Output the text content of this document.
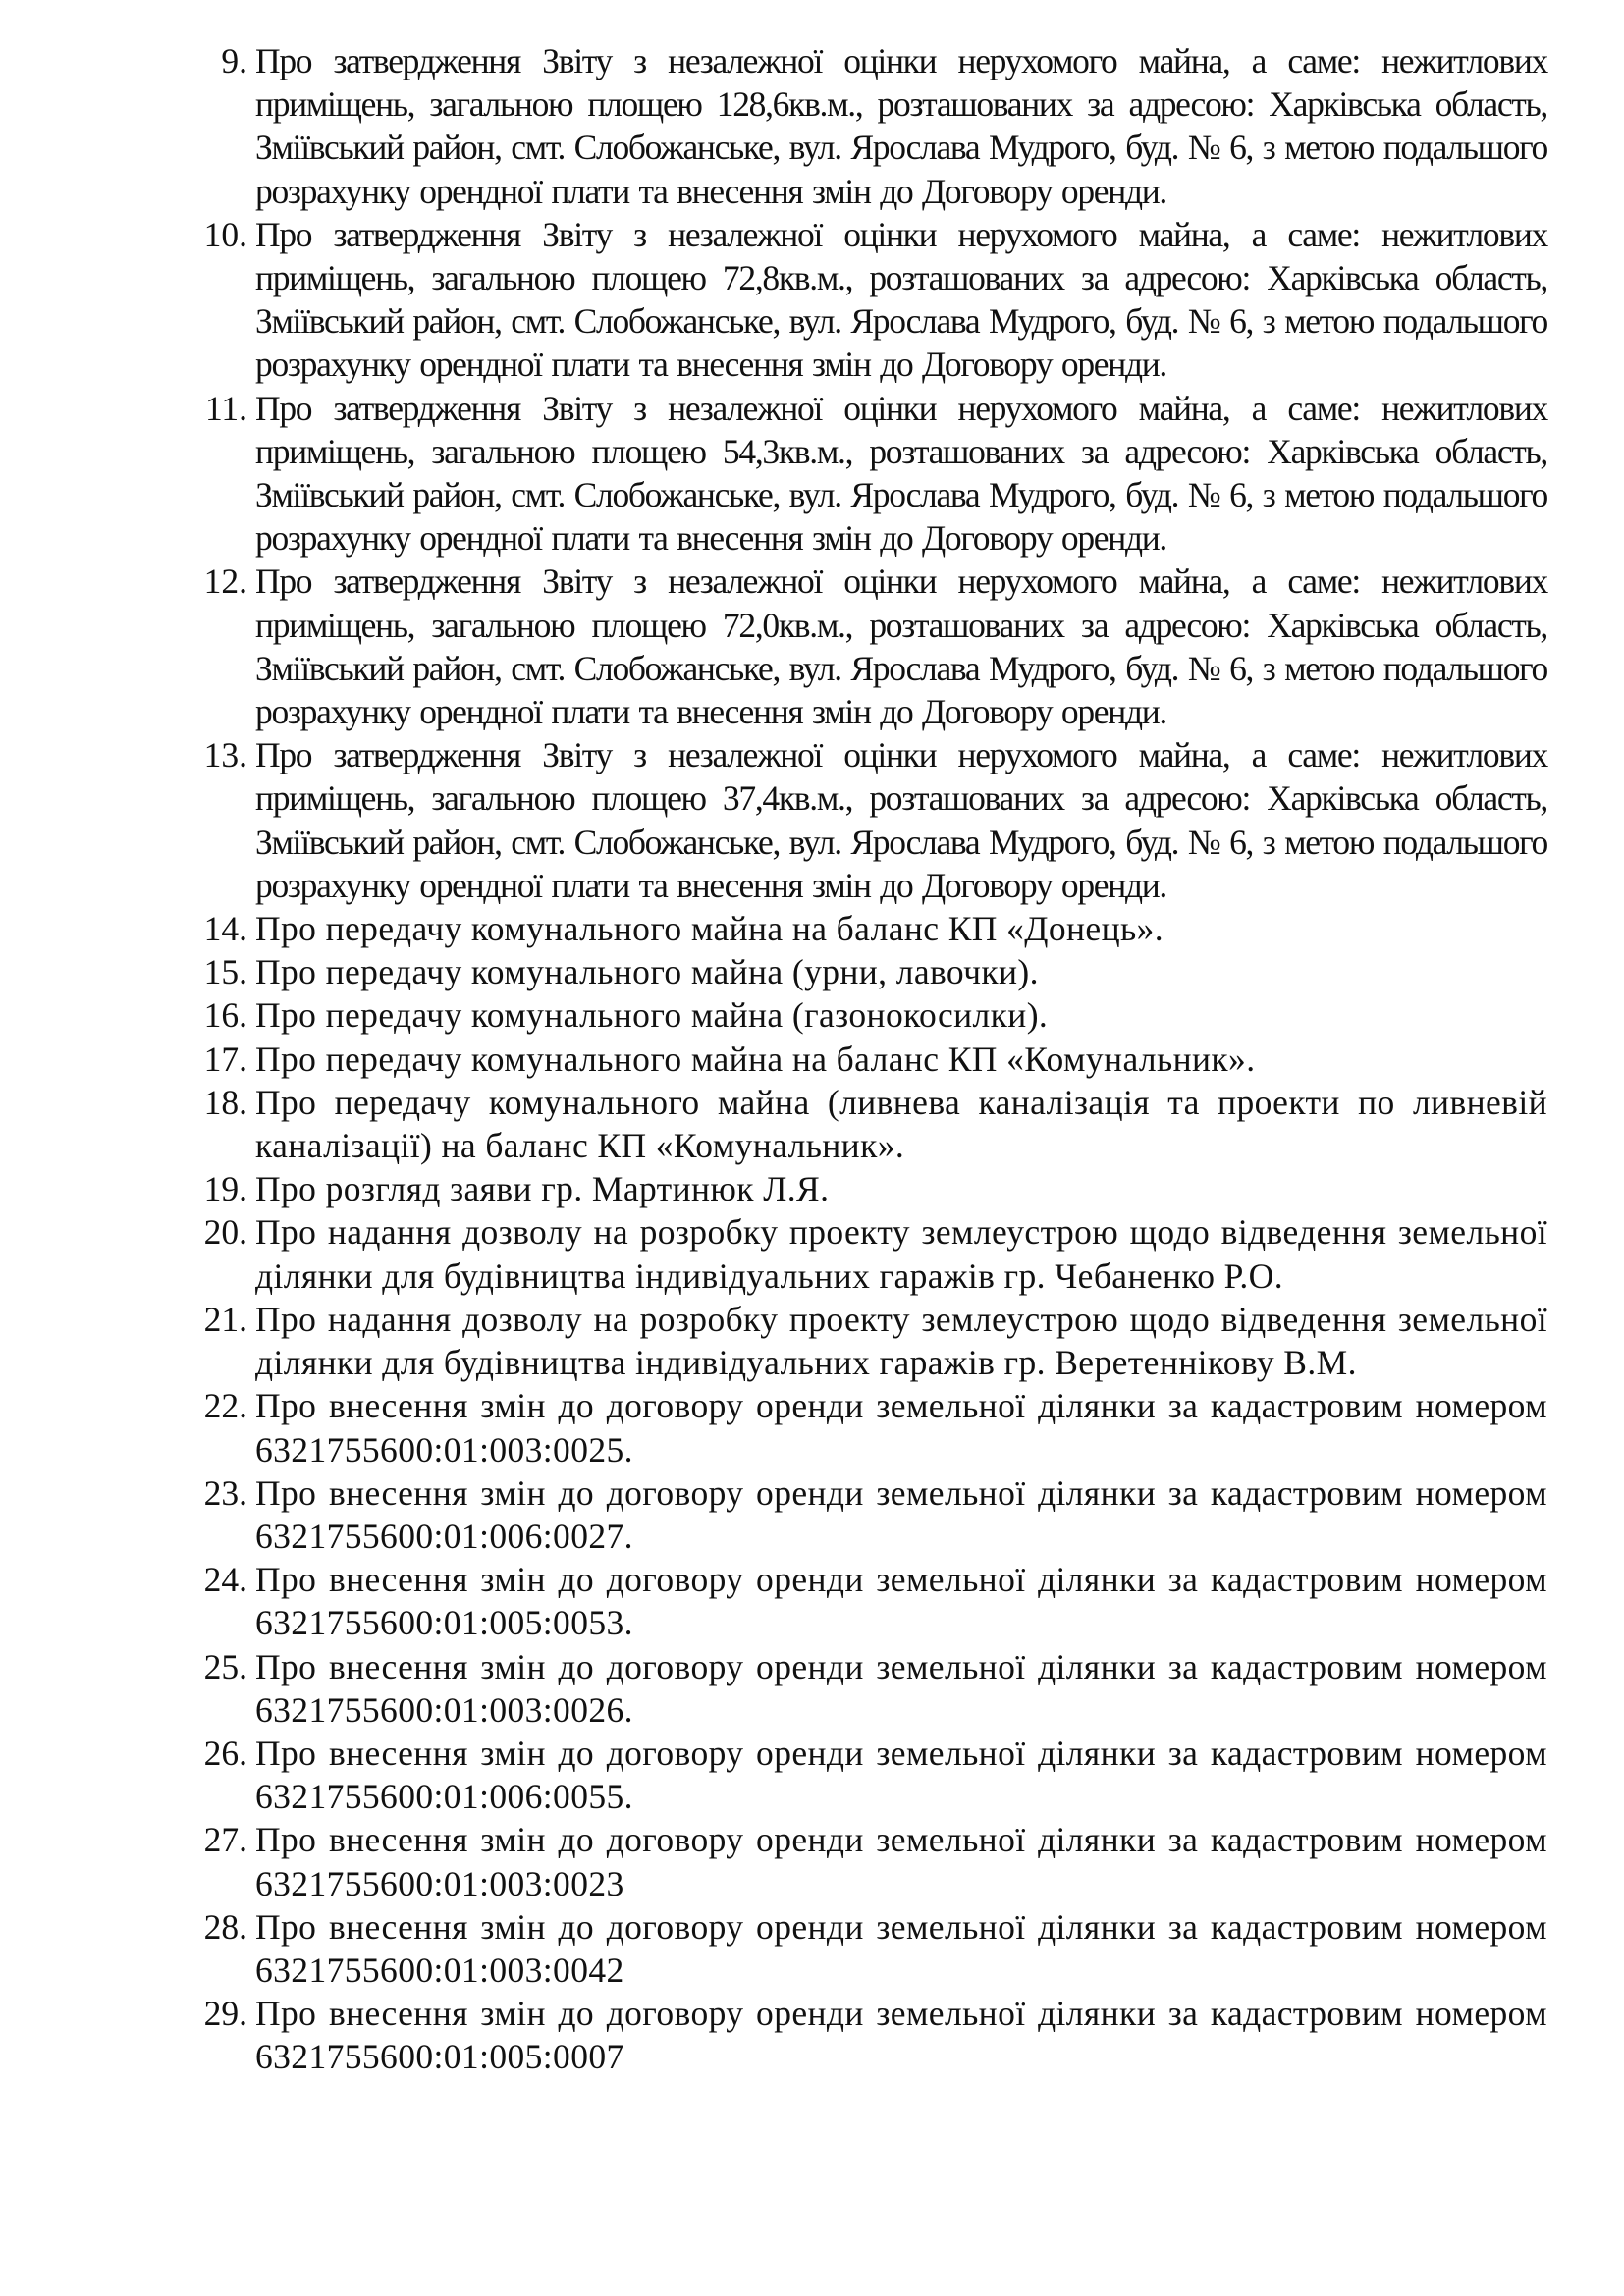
9. Про затвердження Звіту з незалежної оцінки нерухомого майна, а саме: нежитлових приміщень, загальною площею 128,6кв.м., розташованих за адресою: Харківська область, Зміївський район, смт. Слобожанське, вул. Ярослава Мудрого, буд. № 6, з метою подальшого розрахунку орендної плати та внесення змін до Договору оренди.
10. Про затвердження Звіту з незалежної оцінки нерухомого майна, а саме: нежитлових приміщень, загальною площею 72,8кв.м., розташованих за адресою: Харківська область, Зміївський район, смт. Слобожанське, вул. Ярослава Мудрого, буд. № 6, з метою подальшого розрахунку орендної плати та внесення змін до Договору оренди.
11. Про затвердження Звіту з незалежної оцінки нерухомого майна, а саме: нежитлових приміщень, загальною площею 54,3кв.м., розташованих за адресою: Харківська область, Зміївський район, смт. Слобожанське, вул. Ярослава Мудрого, буд. № 6, з метою подальшого розрахунку орендної плати та внесення змін до Договору оренди.
12. Про затвердження Звіту з незалежної оцінки нерухомого майна, а саме: нежитлових приміщень, загальною площею 72,0кв.м., розташованих за адресою: Харківська область, Зміївський район, смт. Слобожанське, вул. Ярослава Мудрого, буд. № 6, з метою подальшого розрахунку орендної плати та внесення змін до Договору оренди.
13. Про затвердження Звіту з незалежної оцінки нерухомого майна, а саме: нежитлових приміщень, загальною площею 37,4кв.м., розташованих за адресою: Харківська область, Зміївський район, смт. Слобожанське, вул. Ярослава Мудрого, буд. № 6, з метою подальшого розрахунку орендної плати та внесення змін до Договору оренди.
14. Про передачу комунального майна на баланс КП «Донець».
15. Про передачу комунального майна (урни, лавочки).
16. Про передачу комунального майна (газонокосилки).
17. Про передачу комунального майна на баланс КП «Комунальник».
18. Про передачу комунального майна (ливнева каналізація та проекти по ливневій каналізації) на баланс КП «Комунальник».
19. Про розгляд заяви гр. Мартинюк Л.Я.
20. Про надання дозволу на розробку проекту землеустрою щодо відведення земельної ділянки для будівництва індивідуальних гаражів гр. Чебаненко Р.О.
21. Про надання дозволу на розробку проекту землеустрою щодо відведення земельної ділянки для будівництва індивідуальних гаражів гр. Веретеннікову В.М.
22. Про внесення змін до договору оренди земельної ділянки за кадастровим номером 6321755600:01:003:0025.
23. Про внесення змін до договору оренди земельної ділянки за кадастровим номером 6321755600:01:006:0027.
24. Про внесення змін до договору оренди земельної ділянки за кадастровим номером 6321755600:01:005:0053.
25. Про внесення змін до договору оренди земельної ділянки за кадастровим номером 6321755600:01:003:0026.
26. Про внесення змін до договору оренди земельної ділянки за кадастровим номером 6321755600:01:006:0055.
27. Про внесення змін до договору оренди земельної ділянки за кадастровим номером 6321755600:01:003:0023
28. Про внесення змін до договору оренди земельної ділянки за кадастровим номером 6321755600:01:003:0042
29. Про внесення змін до договору оренди земельної ділянки за кадастровим номером 6321755600:01:005:0007
